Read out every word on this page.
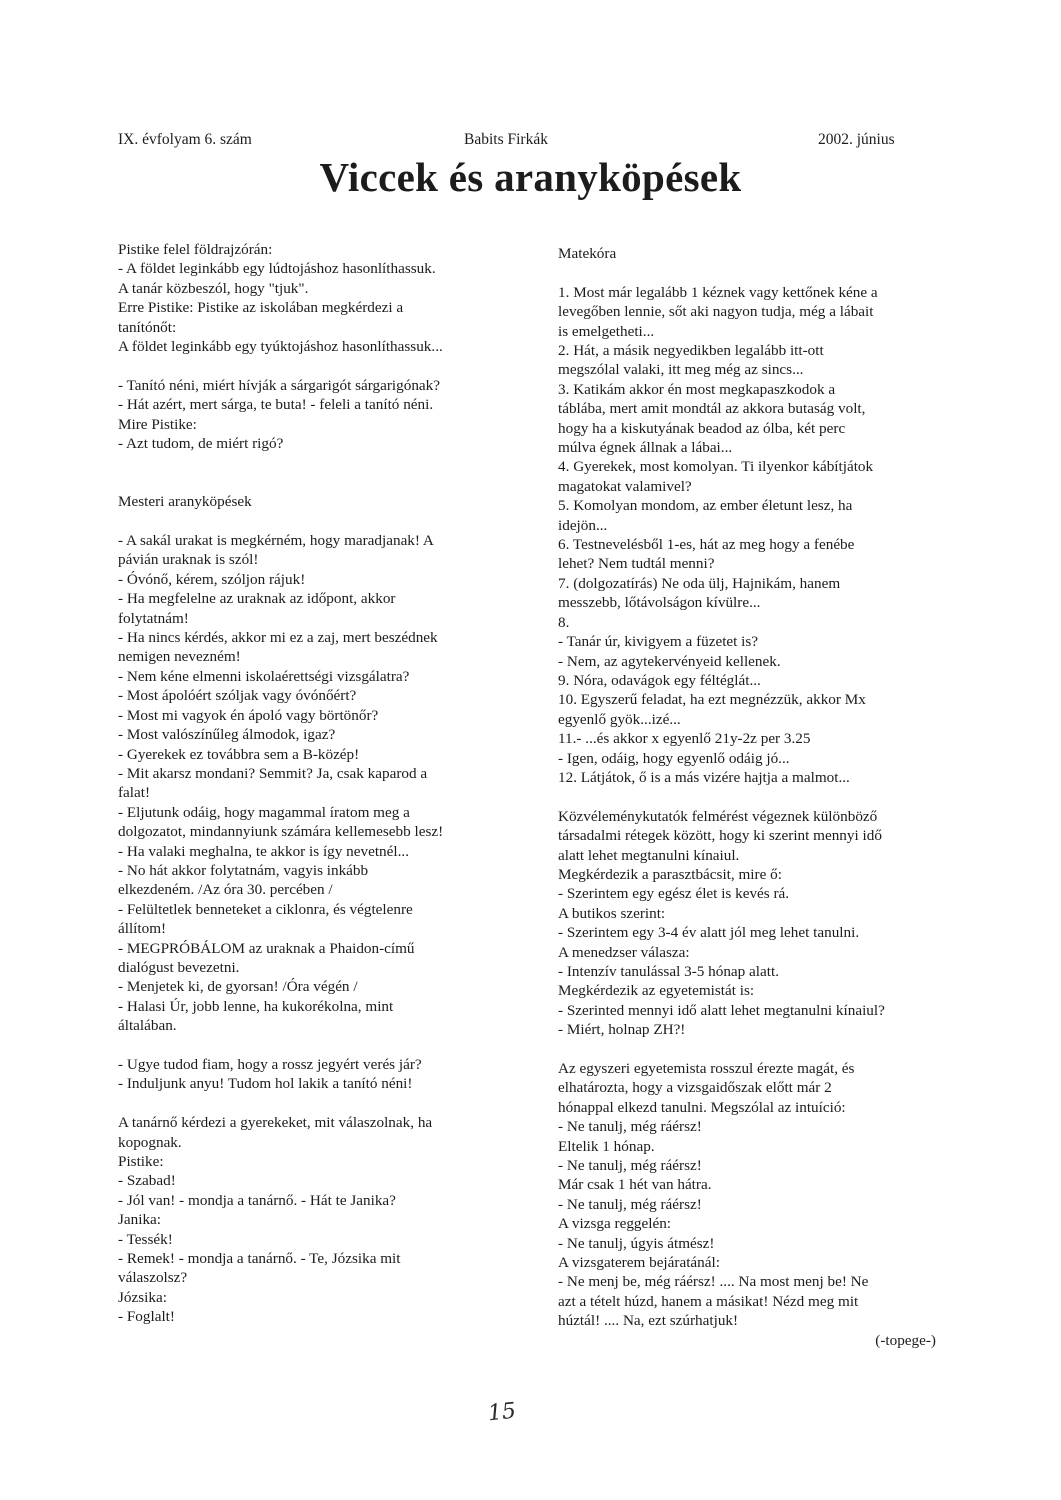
IX. évfolyam 6. szám	Babits Firkák	2002. június
Viccek és aranyköpések
Pistike felel földrajzórán:
- A földet leginkább egy lúdtojáshoz hasonlíthassuk.
A tanár közbeszól, hogy "tjuk".
Erre Pistike: Pistike az iskolában megkérdezi a
tanítónőt:
A földet leginkább egy tyúktojáshoz hasonlíthassuk...
- Tanító néni, miért hívják a sárgarigót sárgarigónak?
- Hát azért, mert sárga, te buta! - feleli a tanító néni.
Mire Pistike:
- Azt tudom, de miért rigó?
Mesteri aranyköpések
- A sakál urakat is megkérném, hogy maradjanak! A
pávián uraknak is szól!
- Óvónő, kérem, szóljon rájuk!
- Ha megfelelne az uraknak az időpont, akkor
folytatnám!
- Ha nincs kérdés, akkor mi ez a zaj, mert beszédnek
nemigen nevezném!
- Nem kéne elmenni iskolaérettségi vizsgálatra?
- Most ápolóért szóljak vagy óvónőért?
- Most mi vagyok én ápoló vagy börtönőr?
- Most valószínűleg álmodok, igaz?
- Gyerekek ez továbbra sem a B-közép!
- Mit akarsz mondani? Semmit? Ja, csak kaparod a
falat!
- Eljutunk odáig, hogy magammal íratom meg a
dolgozatot, mindannyiunk számára kellemesebb lesz!
- Ha valaki meghalna, te akkor is így nevetnél...
- No hát akkor folytatnám, vagyis inkább
elkezdeném. /Az óra 30. percében /
- Felültetlek benneteket a ciklonra, és végtelenre
állítom!
- MEGPRÓBÁLOM az uraknak a Phaidon-című
dialógust bevezetni.
- Menjetek ki, de gyorsan! /Óra végén /
- Halasi Úr, jobb lenne, ha kukorékolna, mint
általában.
- Ugye tudod fiam, hogy a rossz jegyért verés jár?
- Induljunk anyu! Tudom hol lakik a tanító néni!
A tanárnő kérdezi a gyerekeket, mit válaszolnak, ha
kopognak.
Pistike:
- Szabad!
- Jól van! - mondja a tanárnő. - Hát te Janika?
Janika:
- Tessék!
- Remek! - mondja a tanárnő. - Te, Józsika mit
válaszolsz?
Józsika:
- Foglalt!
Matekóra
1. Most már legalább 1 kéznek vagy kettőnek kéne a
levegőben lennie, sőt aki nagyon tudja, még a lábait
is emelgetheti...
2. Hát, a másik negyedikben legalább itt-ott
megszólal valaki, itt meg még az sincs...
3. Katikám akkor én most megkapaszkodok a
táblába, mert amit mondtál az akkora butaság volt,
hogy ha a kiskutyának beadod az ólba, két perc
múlva égnek állnak a lábai...
4. Gyerekek, most komolyan. Ti ilyenkor kábítjátok
magatokat valamivel?
5. Komolyan mondom, az ember életunt lesz, ha
idejön...
6. Testnevelésből 1-es, hát az meg hogy a fenébe
lehet? Nem tudtál menni?
7. (dolgozatírás) Ne oda ülj, Hajnikám, hanem
messzebb, lőtávolságon kívülre...
8.
- Tanár úr, kivigyem a füzetet is?
- Nem, az agytekervényeid kellenek.
9. Nóra, odavágok egy féltéglát...
10. Egyszerű feladat, ha ezt megnézzük, akkor Mx
egyenlő gyök...izé...
11.- ...és akkor x egyenlő 21y-2z per 3.25
- Igen, odáig, hogy egyenlő odáig jó...
12. Látjátok, ő is a más vizére hajtja a malmot...
Közvéleménykutatók felmérést végeznek különböző
társadalmi rétegek között, hogy ki szerint mennyi idő
alatt lehet megtanulni kínaiul.
Megkérdezik a parasztbácsit, mire ő:
- Szerintem egy egész élet is kevés rá.
A butikos szerint:
- Szerintem egy 3-4 év alatt jól meg lehet tanulni.
A menedzser válasza:
- Intenzív tanulással 3-5 hónap alatt.
Megkérdezik az egyetemistát is:
- Szerinted mennyi idő alatt lehet megtanulni kínaiul?
- Miért, holnap ZH?!
Az egyszeri egyetemista rosszul érezte magát, és
elhatározta, hogy a vizsgaidőszak előtt már 2
hónappal elkezd tanulni. Megszólal az intuíció:
- Ne tanulj, még ráérsz!
Eltelik 1 hónap.
- Ne tanulj, még ráérsz!
Már csak 1 hét van hátra.
- Ne tanulj, még ráérsz!
A vizsga reggelén:
- Ne tanulj, úgyis átmész!
A vizsgaterem bejáratánál:
- Ne menj be, még ráérsz! .... Na most menj be! Ne
azt a tételt húzd, hanem a másikat! Nézd meg mit
húztál! .... Na, ezt szúrhatjuk!
(-topege-)
15
